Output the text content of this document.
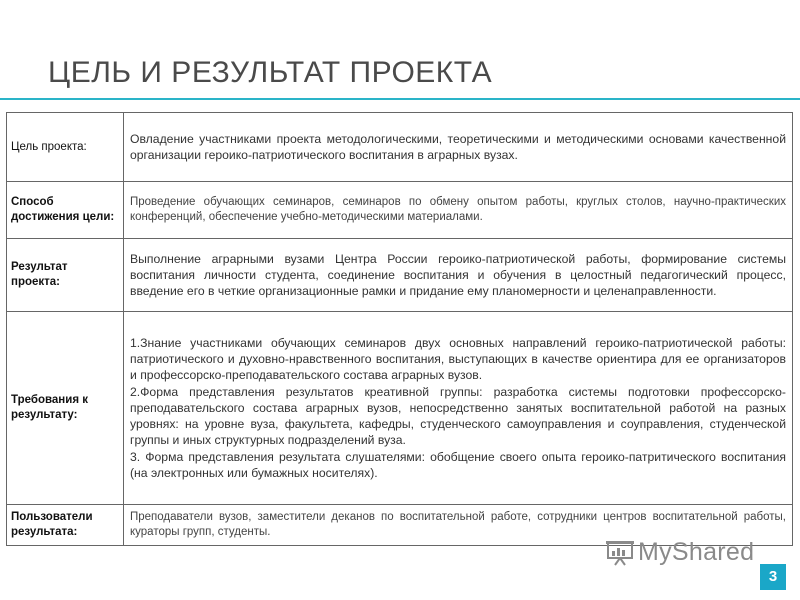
ЦЕЛЬ И РЕЗУЛЬТАТ ПРОЕКТА
Цель проекта:	Овладение участниками проекта методологическими, теоретическими и методическими основами качественной организации героико-патриотического воспитания в аграрных вузах.
Способ достижения цели:	Проведение обучающих семинаров, семинаров по обмену опытом работы, круглых столов, научно-практических конференций, обеспечение учебно-методическими материалами.
Результат проекта:	Выполнение аграрными вузами Центра России героико-патриотической работы, формирование системы воспитания личности студента, соединение воспитания и обучения в целостный педагогический процесс, введение его в четкие организационные рамки и придание ему планомерности и целенаправленности.
Требования к результату:	1.Знание участниками обучающих семинаров двух основных направлений героико-патриотической работы: патриотического и духовно-нравственного воспитания, выступающих в качестве ориентира для ее организаторов и профессорско-преподавательского состава аграрных вузов.
2.Форма представления результатов креативной группы: разработка системы подготовки профессорско-преподавательского состава аграрных вузов, непосредственно занятых воспитательной работой на разных уровнях: на уровне вуза, факультета, кафедры, студенческого самоуправления и соуправления, студенческой группы и иных структурных подразделений вуза.
3. Форма представления результата слушателями: обобщение своего опыта героико-патритического воспитания (на электронных или бумажных носителях).

Пользователи результата:	Преподаватели вузов, заместители деканов по воспитательной работе, сотрудники центров воспитательной работы, кураторы групп, студенты.
MyShared
3
